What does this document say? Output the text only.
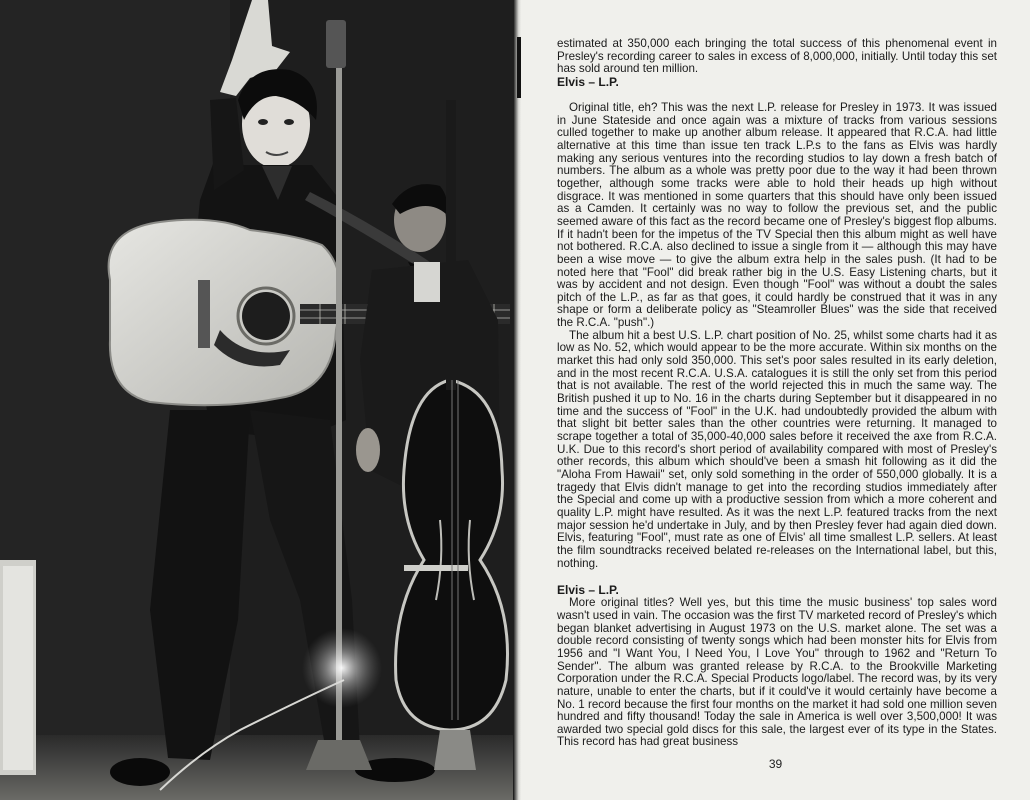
estimated at 350,000 each bringing the total success of this phenomenal event in Presley's recording career to sales in excess of 8,000,000, initially. Until today this set has sold around ten million.

Elvis – L.P.

Original title, eh? This was the next L.P. release for Presley in 1973. It was issued in June Stateside and once again was a mixture of tracks from various sessions culled together to make up another album release. It appeared that R.C.A. had little alternative at this time than issue ten track L.P.s to the fans as Elvis was hardly making any serious ventures into the recording studios to lay down a fresh batch of numbers. The album as a whole was pretty poor due to the way it had been thrown together, although some tracks were able to hold their heads up high without disgrace. It was mentioned in some quarters that this should have only been issued as a Camden. It certainly was no way to follow the previous set, and the public seemed aware of this fact as the record became one of Presley's biggest flop albums. If it hadn't been for the impetus of the TV Special then this album might as well have not bothered. R.C.A. also declined to issue a single from it — although this may have been a wise move — to give the album extra help in the sales push. (It had to be noted here that "Fool" did break rather big in the U.S. Easy Listening charts, but it was by accident and not design. Even though "Fool" was without a doubt the sales pitch of the L.P., as far as that goes, it could hardly be construed that it was in any shape or form a deliberate policy as "Steamroller Blues" was the side that received the R.C.A. "push".)

The album hit a best U.S. L.P. chart position of No. 25, whilst some charts had it as low as No. 52, which would appear to be the more accurate. Within six months on the market this had only sold 350,000. This set's poor sales resulted in its early deletion, and in the most recent R.C.A. U.S.A. catalogues it is still the only set from this period that is not available. The rest of the world rejected this in much the same way. The British pushed it up to No. 16 in the charts during September but it disappeared in no time and the success of "Fool" in the U.K. had undoubtedly provided the album with that slight bit better sales than the other countries were returning. It managed to scrape together a total of 35,000-40,000 sales before it received the axe from R.C.A. U.K. Due to this record's short period of availability compared with most of Presley's other records, this album which should've been a smash hit following as it did the "Aloha From Hawaii" set, only sold something in the order of 550,000 globally. It is a tragedy that Elvis didn't manage to get into the recording studios immediately after the Special and come up with a productive session from which a more coherent and quality L.P. might have resulted. As it was the next L.P. featured tracks from the next major session he'd undertake in July, and by then Presley fever had again died down. Elvis, featuring "Fool", must rate as one of Elvis' all time smallest L.P. sellers. At least the film soundtracks received belated re-releases on the International label, but this, nothing.

Elvis – L.P.

More original titles? Well yes, but this time the music business' top sales word wasn't used in vain. The occasion was the first TV marketed record of Presley's which began blanket advertising in August 1973 on the U.S. market alone. The set was a double record consisting of twenty songs which had been monster hits for Elvis from 1956 and "I Want You, I Need You, I Love You" through to 1962 and "Return To Sender". The album was granted release by R.C.A. to the Brookville Marketing Corporation under the R.C.A. Special Products logo/label. The record was, by its very nature, unable to enter the charts, but if it could've it would certainly have become a No. 1 record because the first four months on the market it had sold one million seven hundred and fifty thousand! Today the sale in America is well over 3,500,000! It was awarded two special gold discs for this sale, the largest ever of its type in the States. This record has had great business

39
